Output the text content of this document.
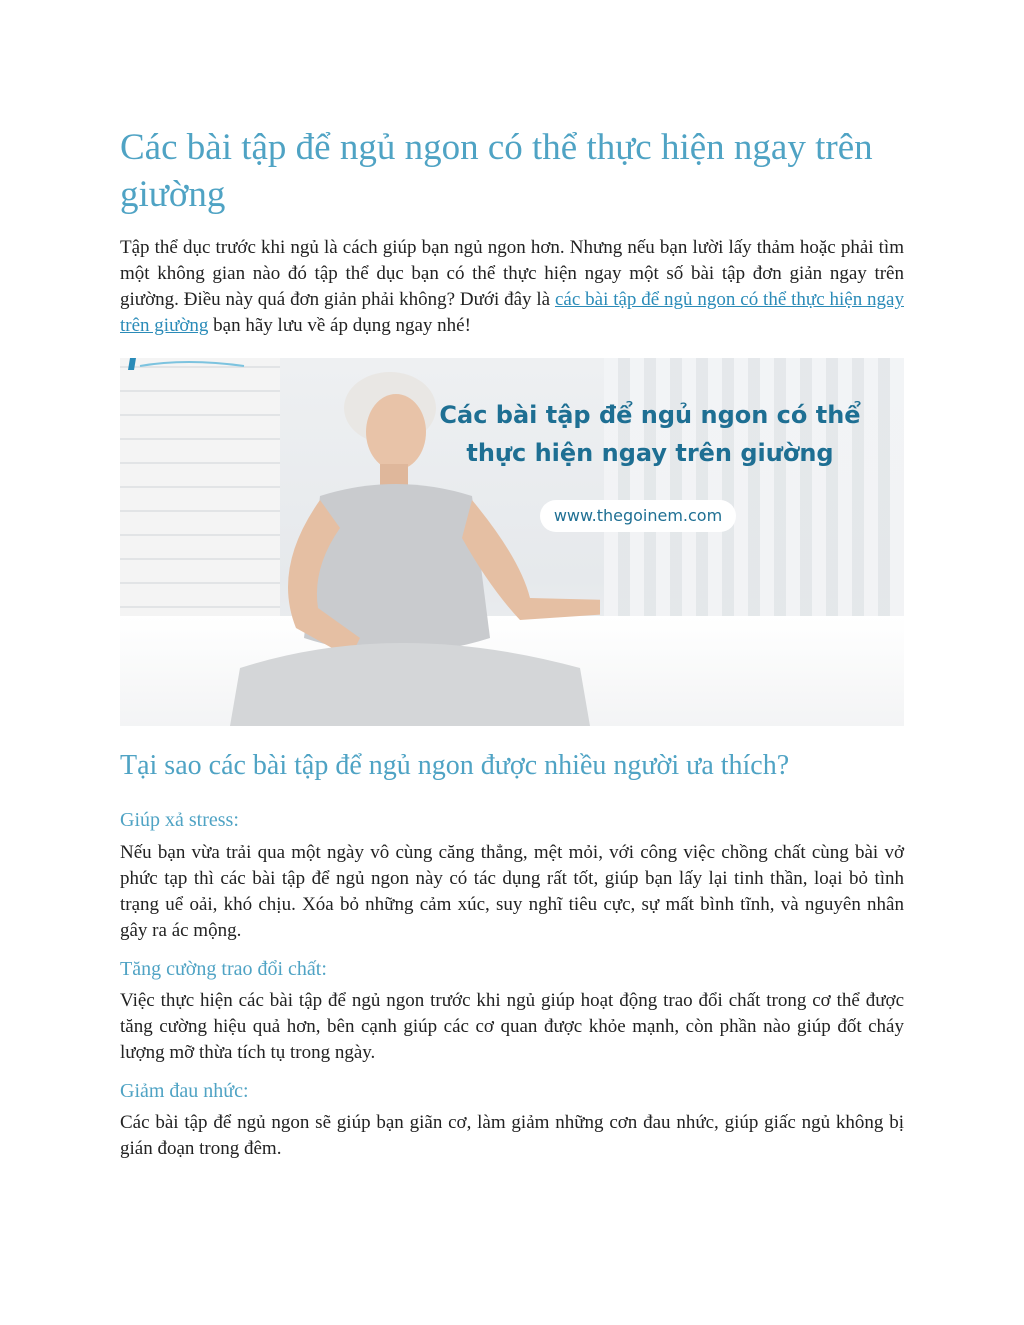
Các bài tập để ngủ ngon có thể thực hiện ngay trên giường

Tập thể dục trước khi ngủ là cách giúp bạn ngủ ngon hơn. Nhưng nếu bạn lười lấy thảm hoặc phải tìm một không gian nào đó tập thể dục bạn có thể thực hiện ngay một số bài tập đơn giản ngay trên giường. Điều này quá đơn giản phải không? Dưới đây là các bài tập để ngủ ngon có thể thực hiện ngay trên giường bạn hãy lưu về áp dụng ngay nhé!

Các bài tập để ngủ ngon có thể
thực hiện ngay trên giường
www.thegoinem.com
Tại sao các bài tập để ngủ ngon được nhiều người ưa thích?
Giúp xả stress:

Nếu bạn vừa trải qua một ngày vô cùng căng thẳng, mệt mỏi, với công việc chồng chất cùng bài vở phức tạp thì các bài tập để ngủ ngon này có tác dụng rất tốt, giúp bạn lấy lại tinh thần, loại bỏ tình trạng uể oải, khó chịu. Xóa bỏ những cảm xúc, suy nghĩ tiêu cực, sự mất bình tĩnh, và nguyên nhân gây ra ác mộng.

Tăng cường trao đổi chất:

Việc thực hiện các bài tập để ngủ ngon trước khi ngủ giúp hoạt động trao đổi chất trong cơ thể được tăng cường hiệu quả hơn, bên cạnh giúp các cơ quan được khỏe mạnh, còn phần nào giúp đốt cháy lượng mỡ thừa tích tụ trong ngày.

Giảm đau nhức:

Các bài tập để ngủ ngon sẽ giúp bạn giãn cơ, làm giảm những cơn đau nhức, giúp giấc ngủ không bị gián đoạn trong đêm.
